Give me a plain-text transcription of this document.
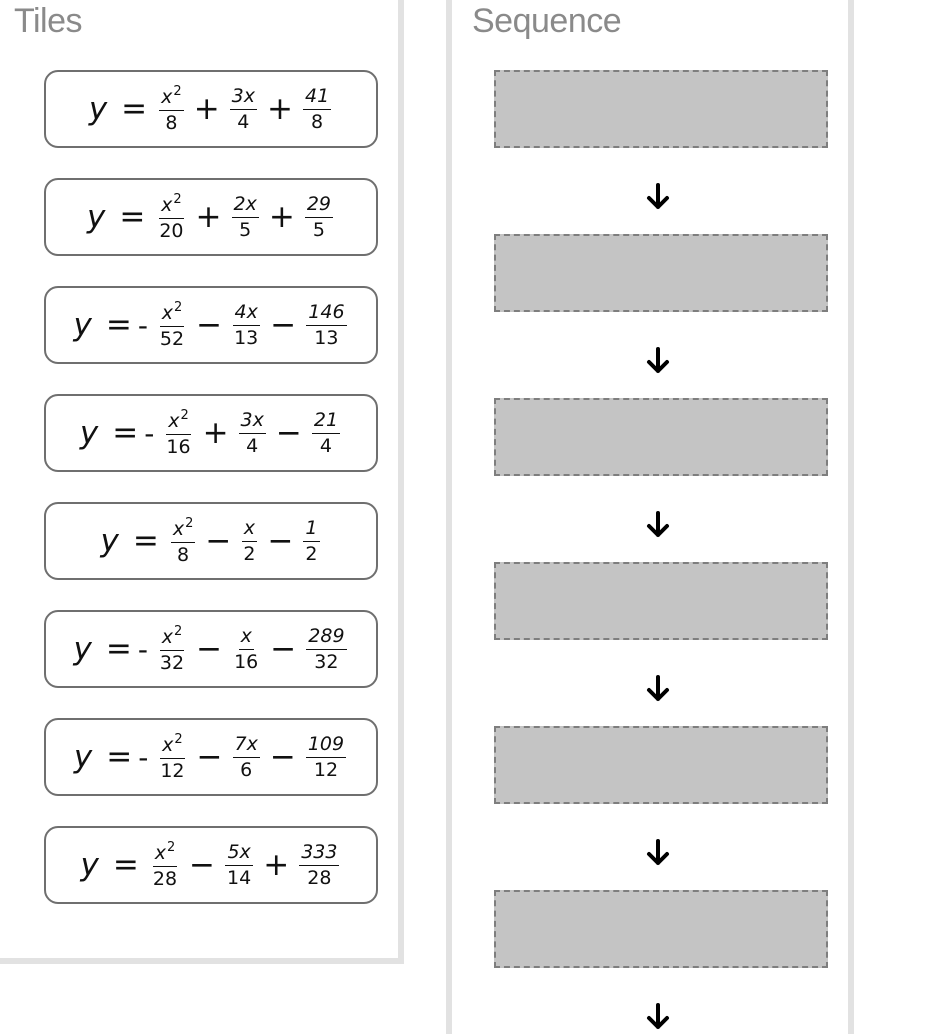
Tiles	Sequence
$y = \frac{x^2}{8} + \frac{3x}{4} + \frac{41}{8}$
$y = \frac{x^2}{20} + \frac{2x}{5} + \frac{29}{5}$
y = - $\frac{x^2}{52} - \frac{4x}{13} - \frac{146}{13}$
y = - $\frac{x^2}{16} + \frac{3x}{4} - \frac{21}{4}$
$y = \frac{x^2}{8} - \frac{x}{2} - \frac{1}{2}$
y = - $\frac{x^2}{32} - \frac{x}{16} - \frac{289}{32}$
y = - $\frac{x^2}{12} - \frac{7x}{6} - \frac{109}{12}$
$y = \frac{x^2}{28} - \frac{5x}{14} + \frac{333}{28}$
